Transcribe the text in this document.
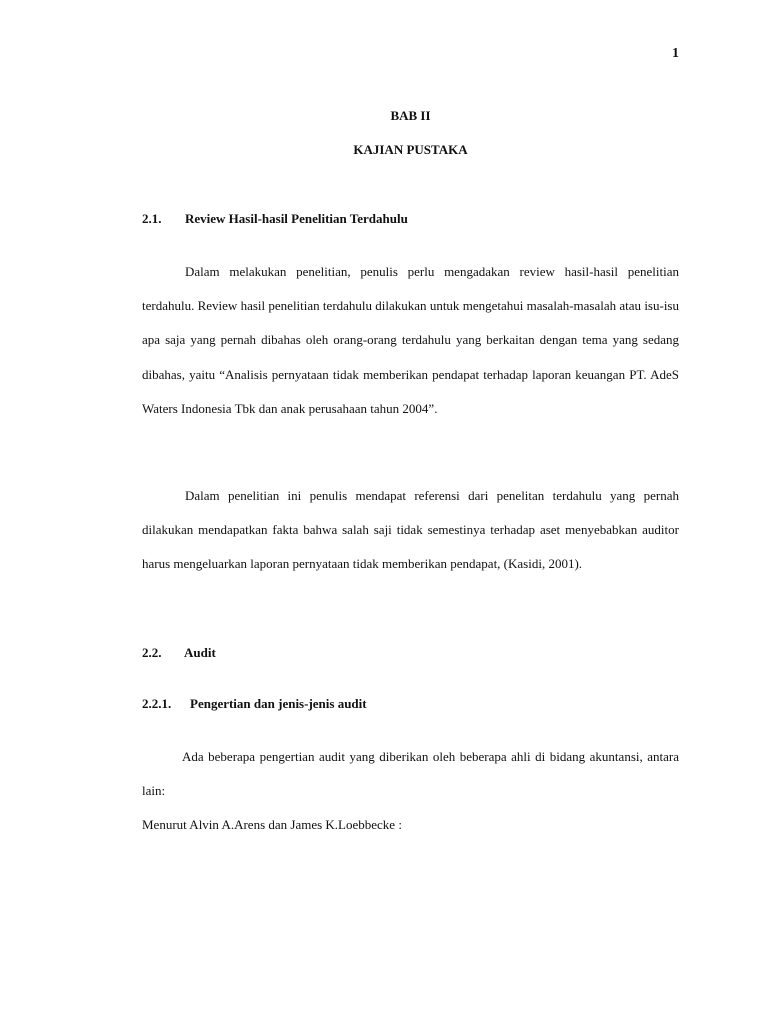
1
BAB II
KAJIAN PUSTAKA
2.1. Review Hasil-hasil Penelitian Terdahulu

Dalam melakukan penelitian, penulis perlu mengadakan review hasil-hasil penelitian terdahulu. Review hasil penelitian terdahulu dilakukan untuk mengetahui masalah-masalah atau isu-isu apa saja yang pernah dibahas oleh orang-orang terdahulu yang berkaitan dengan tema yang sedang dibahas, yaitu “Analisis pernyataan tidak memberikan pendapat terhadap laporan keuangan PT. AdeS Waters Indonesia Tbk dan anak perusahaan tahun 2004”.

Dalam penelitian ini penulis mendapat referensi dari penelitan terdahulu yang pernah dilakukan mendapatkan fakta bahwa salah saji tidak semestinya terhadap aset menyebabkan auditor harus mengeluarkan laporan pernyataan tidak memberikan pendapat, (Kasidi, 2001).

2.2. Audit
2.2.1. Pengertian dan jenis-jenis audit

Ada beberapa pengertian audit yang diberikan oleh beberapa ahli di bidang akuntansi, antara lain:

Menurut Alvin A.Arens dan James K.Loebbecke :
